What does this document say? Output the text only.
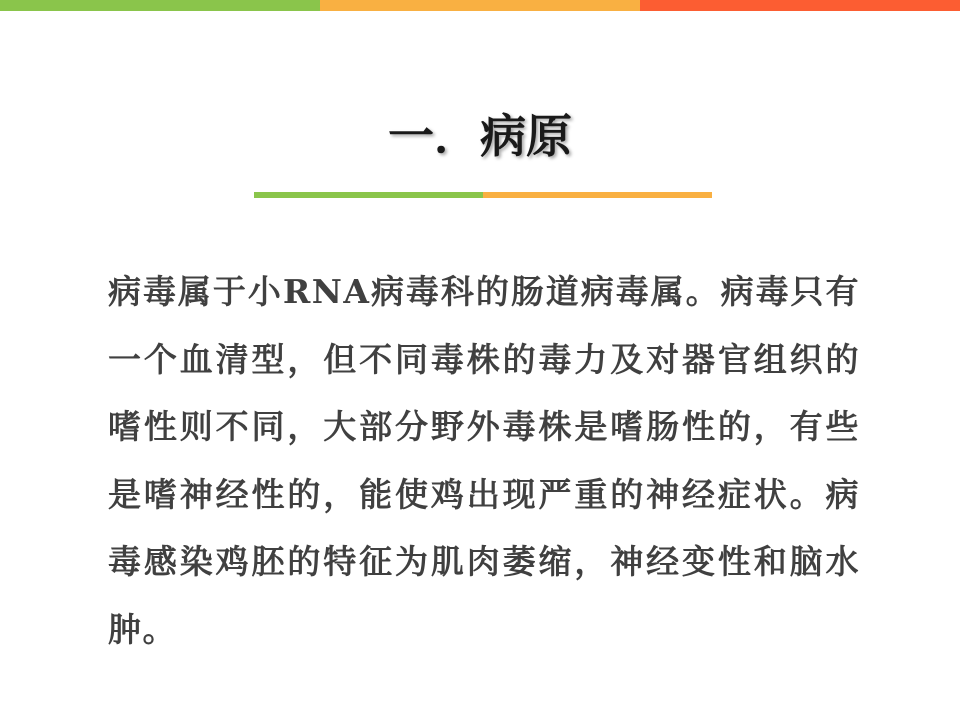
一．病原

病毒属于小RNA病毒科的肠道病毒属。病毒只有一个血清型，但不同毒株的毒力及对器官组织的嗜性则不同，大部分野外毒株是嗜肠性的，有些是嗜神经性的，能使鸡出现严重的神经症状。病毒感染鸡胚的特征为肌肉萎缩，神经变性和脑水肿。
